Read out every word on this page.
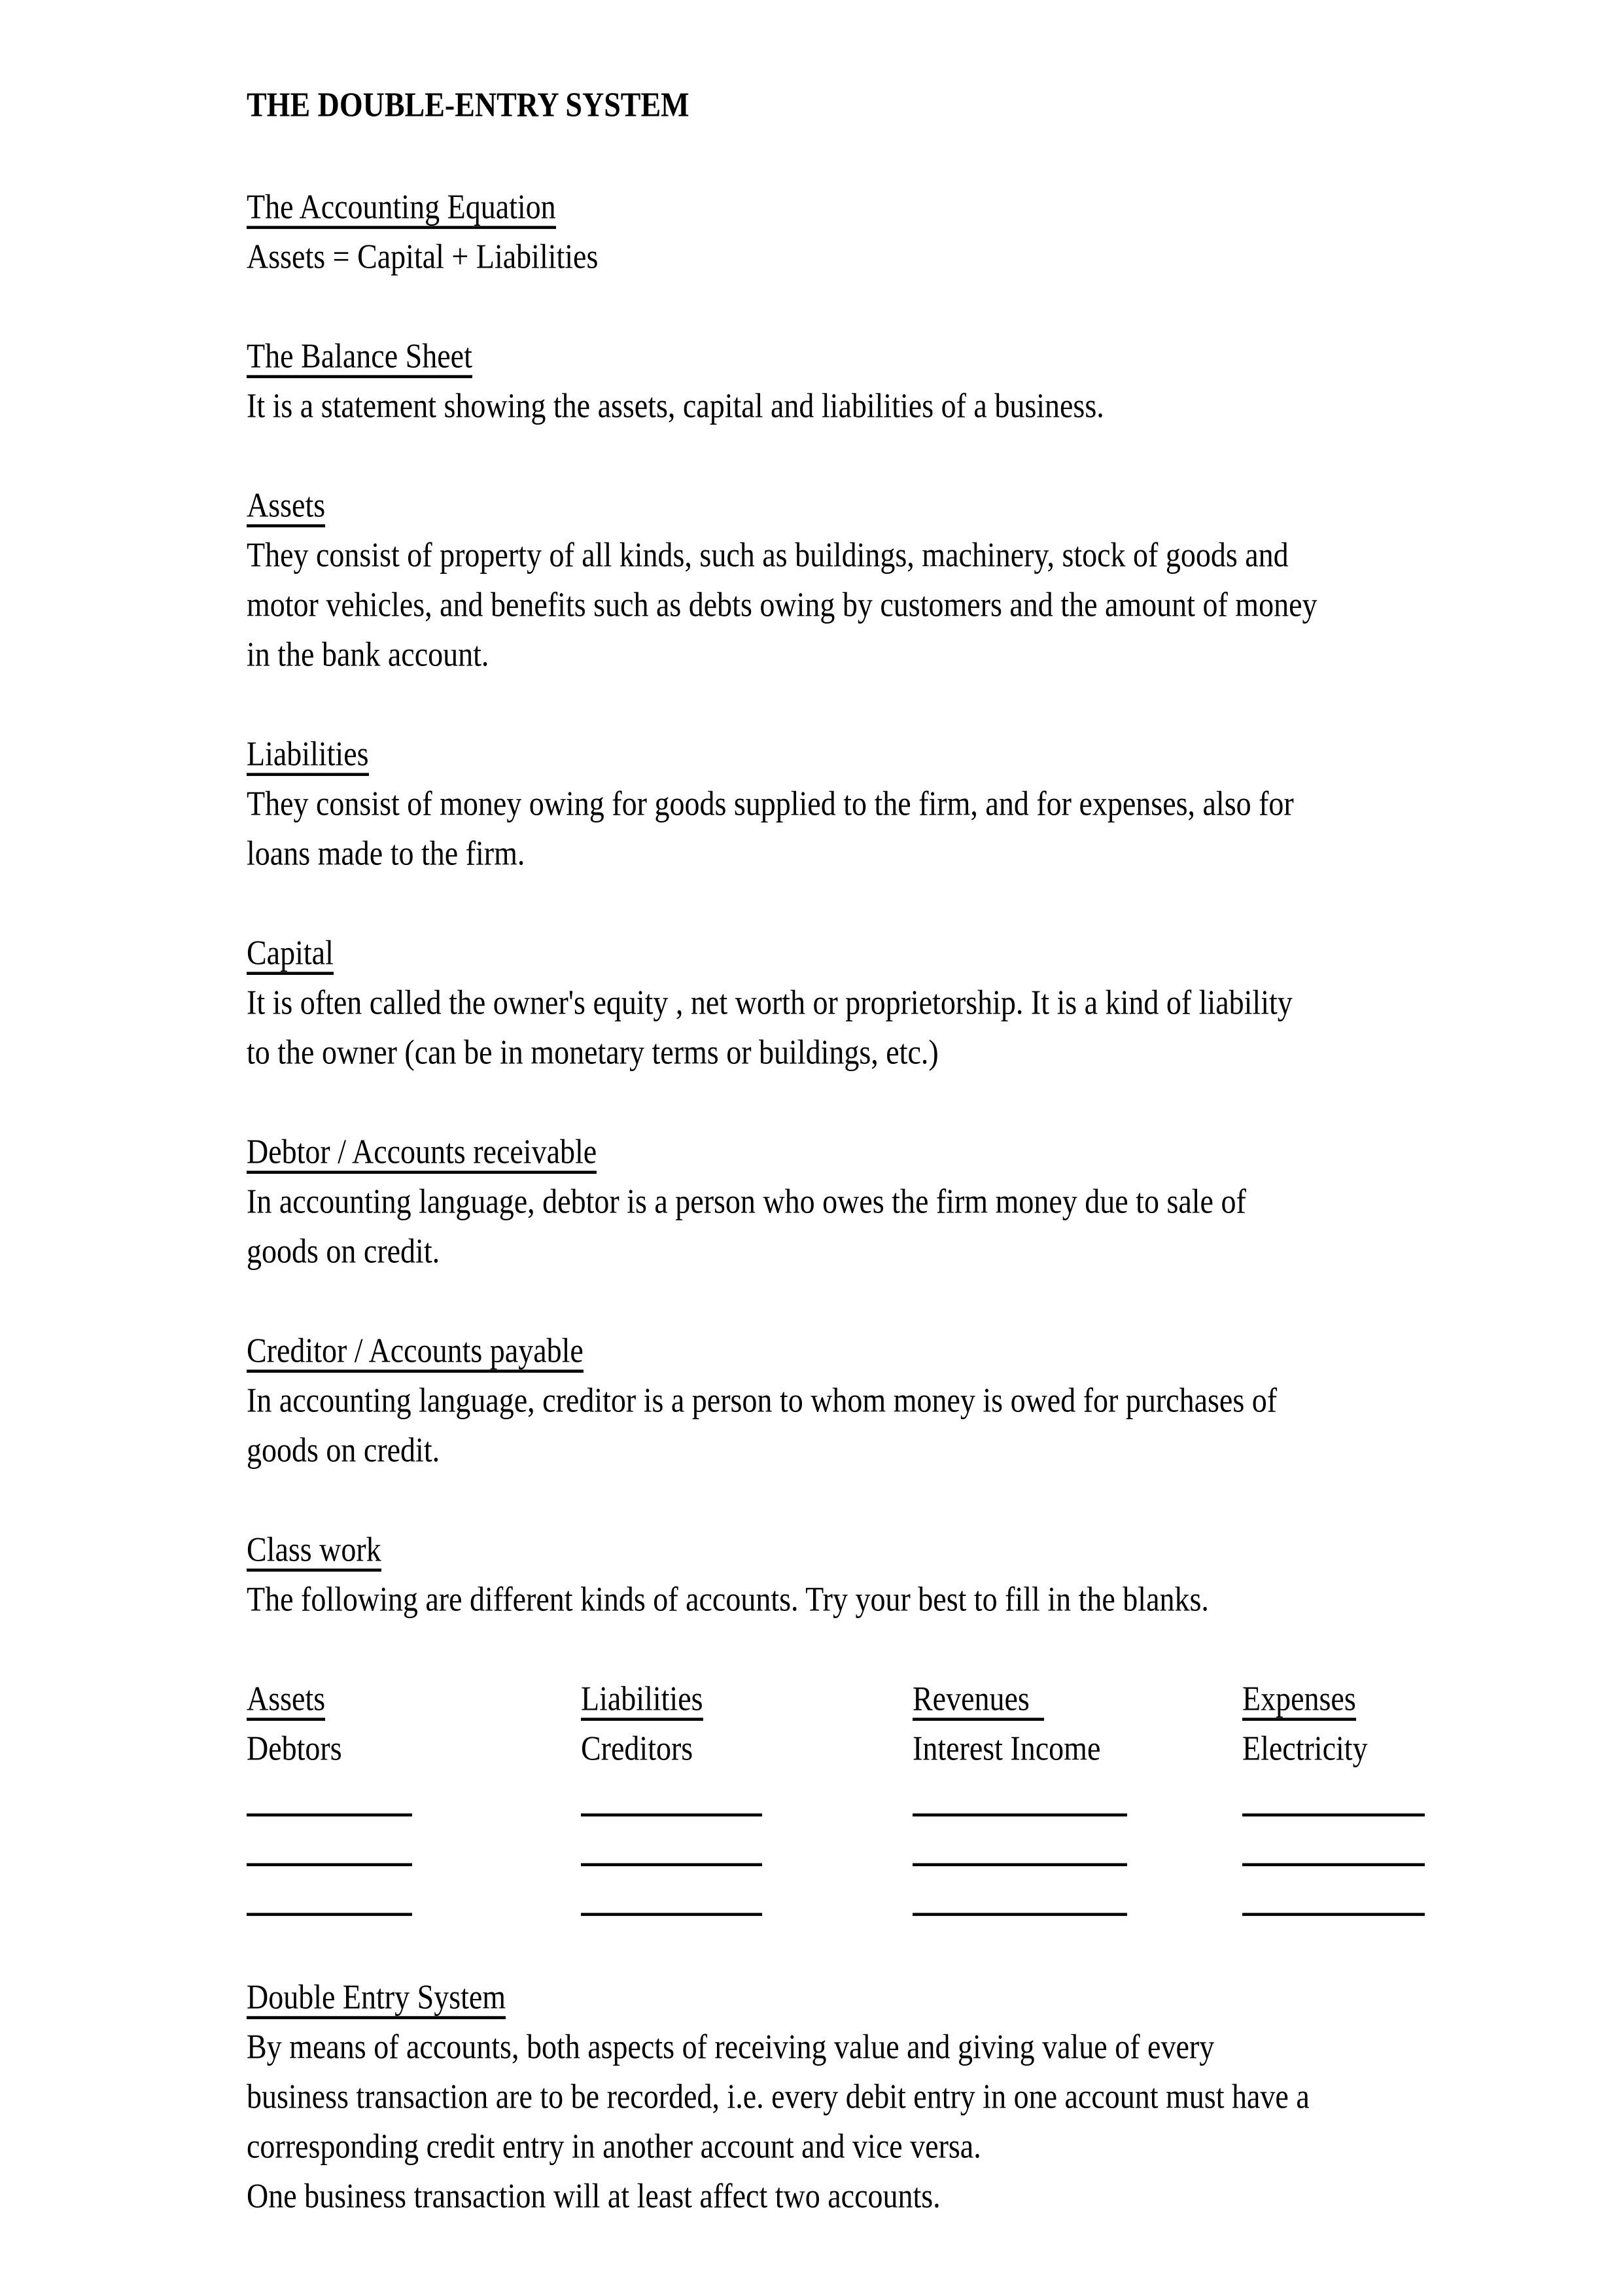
THE DOUBLE-ENTRY SYSTEM
The Accounting Equation
Assets = Capital + Liabilities
The Balance Sheet
It is a statement showing the assets, capital and liabilities of a business.
Assets
They consist of property of all kinds, such as buildings, machinery, stock of goods and
motor vehicles, and benefits such as debts owing by customers and the amount of money
in the bank account.
Liabilities
They consist of money owing for goods supplied to the firm, and for expenses, also for
loans made to the firm.
Capital
It is often called the owner's equity , net worth or proprietorship. It is a kind of liability
to the owner (can be in monetary terms or buildings, etc.)
Debtor / Accounts receivable
In accounting language, debtor is a person who owes the firm money due to sale of
goods on credit.
Creditor / Accounts payable
In accounting language, creditor is a person to whom money is owed for purchases of
goods on credit.
Class work
The following are different kinds of accounts. Try your best to fill in the blanks.
Assets	Liabilities	Revenues	Expenses
Debtors	Creditors	Interest Income	Electricity
Double Entry System
By means of accounts, both aspects of receiving value and giving value of every
business transaction are to be recorded, i.e. every debit entry in one account must have a
corresponding credit entry in another account and vice versa.
One business transaction will at least affect two accounts.
